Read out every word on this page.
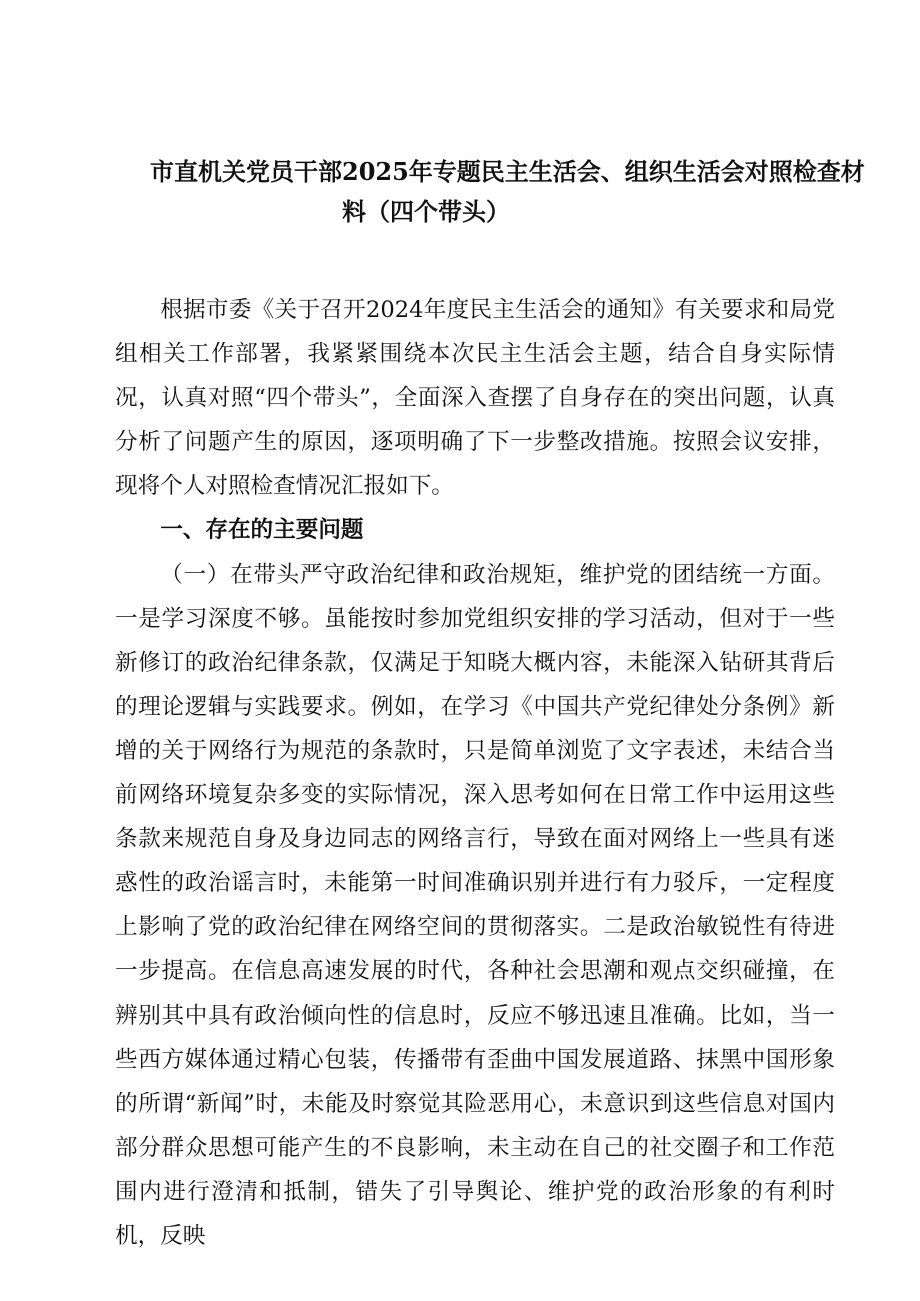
市直机关党员干部2025年专题民主生活会、组织生活会对照检查材
料（四个带头）

根据市委《关于召开2024年度民主生活会的通知》有关要求和局党组相关工作部署，我紧紧围绕本次民主生活会主题，结合自身实际情况，认真对照“四个带头”，全面深入查摆了自身存在的突出问题，认真分析了问题产生的原因，逐项明确了下一步整改措施。按照会议安排，现将个人对照检查情况汇报如下。

一、存在的主要问题

（一）在带头严守政治纪律和政治规矩，维护党的团结统一方面。一是学习深度不够。虽能按时参加党组织安排的学习活动，但对于一些新修订的政治纪律条款，仅满足于知晓大概内容，未能深入钻研其背后的理论逻辑与实践要求。例如，在学习《中国共产党纪律处分条例》新增的关于网络行为规范的条款时，只是简单浏览了文字表述，未结合当前网络环境复杂多变的实际情况，深入思考如何在日常工作中运用这些条款来规范自身及身边同志的网络言行，导致在面对网络上一些具有迷惑性的政治谣言时，未能第一时间准确识别并进行有力驳斥，一定程度上影响了党的政治纪律在网络空间的贯彻落实。二是政治敏锐性有待进一步提高。在信息高速发展的时代，各种社会思潮和观点交织碰撞，在辨别其中具有政治倾向性的信息时，反应不够迅速且准确。比如，当一些西方媒体通过精心包装，传播带有歪曲中国发展道路、抹黑中国形象的所谓“新闻”时，未能及时察觉其险恶用心，未意识到这些信息对国内部分群众思想可能产生的不良影响，未主动在自己的社交圈子和工作范围内进行澄清和抵制，错失了引导舆论、维护党的政治形象的有利时机，反映
